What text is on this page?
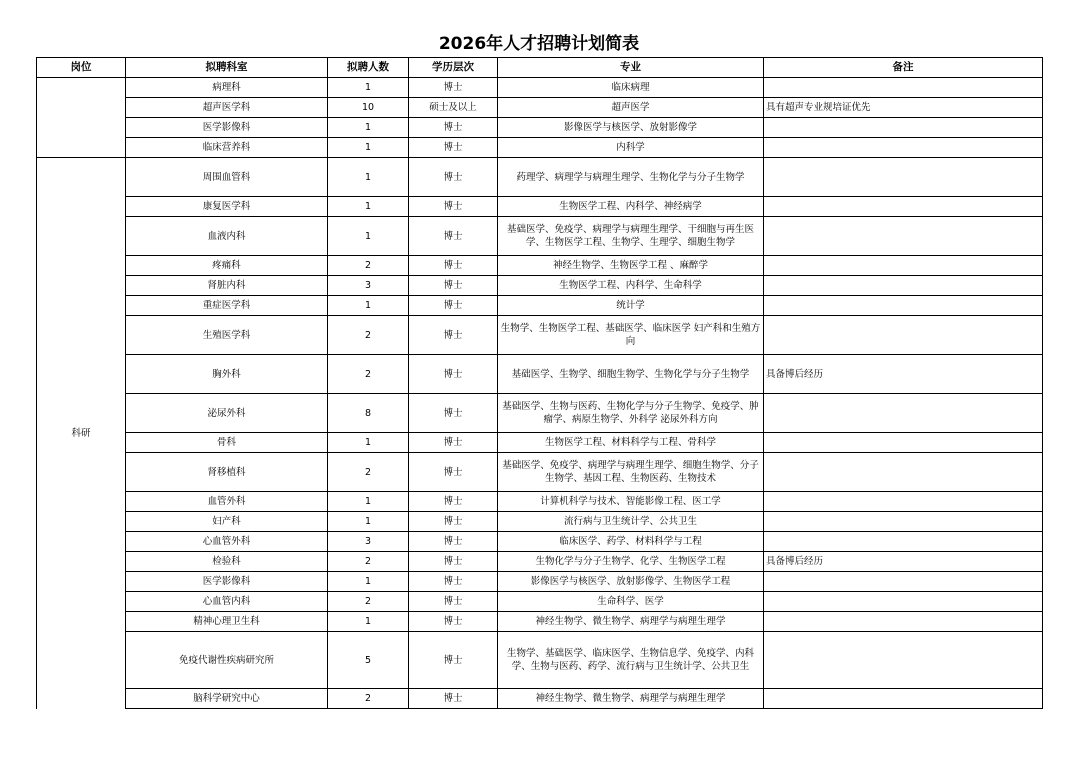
2026年人才招聘计划简表
岗位	拟聘科室	拟聘人数	学历层次	专业	备注
	病理科	1	博士	临床病理	
	超声医学科	10	硕士及以上	超声医学	具有超声专业规培证优先
	医学影像科	1	博士	影像医学与核医学、放射影像学	
	临床营养科	1	博士	内科学	
科研	周围血管科	1	博士	药理学、病理学与病理生理学、生物化学与分子生物学	
	康复医学科	1	博士	生物医学工程、内科学、神经病学	
	血液内科	1	博士	基础医学、免疫学、病理学与病理生理学、干细胞与再生医学、生物医学工程、生物学、生理学、细胞生物学	
	疼痛科	2	博士	神经生物学、生物医学工程 、麻醉学	
	肾脏内科	3	博士	生物医学工程、内科学、生命科学	
	重症医学科	1	博士	统计学	
	生殖医学科	2	博士	生物学、生物医学工程、基础医学、临床医学 妇产科和生殖方向	
	胸外科	2	博士	基础医学、生物学、细胞生物学、生物化学与分子生物学	具备博后经历
	泌尿外科	8	博士	基础医学、生物与医药、生物化学与分子生物学、免疫学、肿瘤学、病原生物学、外科学 泌尿外科方向	
	骨科	1	博士	生物医学工程、材料科学与工程、骨科学	
	肾移植科	2	博士	基础医学、免疫学、病理学与病理生理学、细胞生物学、分子生物学、基因工程、生物医药、生物技术	
	血管外科	1	博士	计算机科学与技术、智能影像工程、医工学	
	妇产科	1	博士	流行病与卫生统计学、公共卫生	
	心血管外科	3	博士	临床医学、药学、材料科学与工程	
	检验科	2	博士	生物化学与分子生物学、化学、生物医学工程	具备博后经历
	医学影像科	1	博士	影像医学与核医学、放射影像学、生物医学工程	
	心血管内科	2	博士	生命科学、医学	
	精神心理卫生科	1	博士	神经生物学、微生物学、病理学与病理生理学	
	免疫代谢性疾病研究所	5	博士	生物学、基础医学、临床医学、生物信息学、免疫学、内科学、生物与医药、药学、流行病与卫生统计学、公共卫生	
	脑科学研究中心	2	博士	神经生物学、微生物学、病理学与病理生理学	
